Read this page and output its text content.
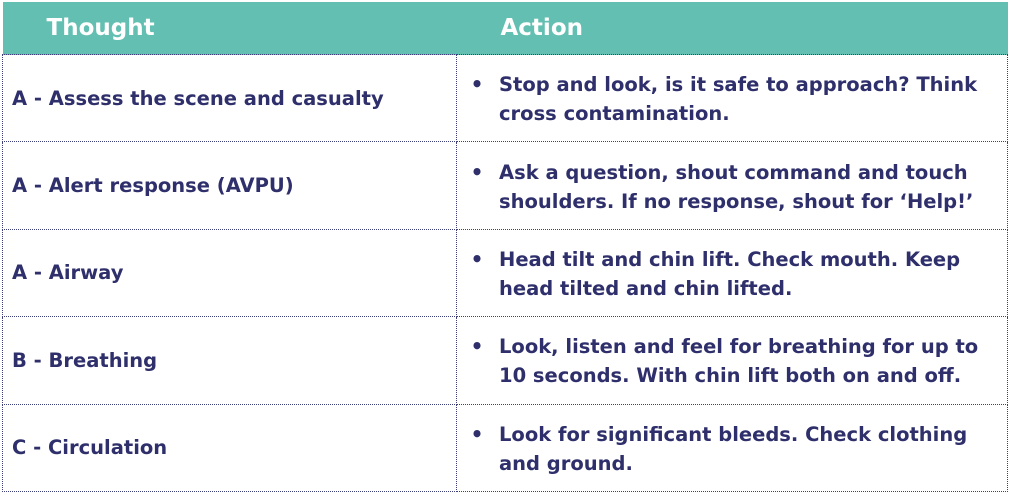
Thought	Action
A - Assess the scene and casualty	• Stop and look, is it safe to approach? Think cross contamination.

A - Alert response (AVPU)	• Ask a question, shout command and touch shoulders. If no response, shout for ‘Help!’

A - Airway	• Head tilt and chin lift. Check mouth. Keep head tilted and chin lifted.

B - Breathing	• Look, listen and feel for breathing for up to 10 seconds. With chin lift both on and off.

C - Circulation	• Look for significant bleeds. Check clothing and ground.
